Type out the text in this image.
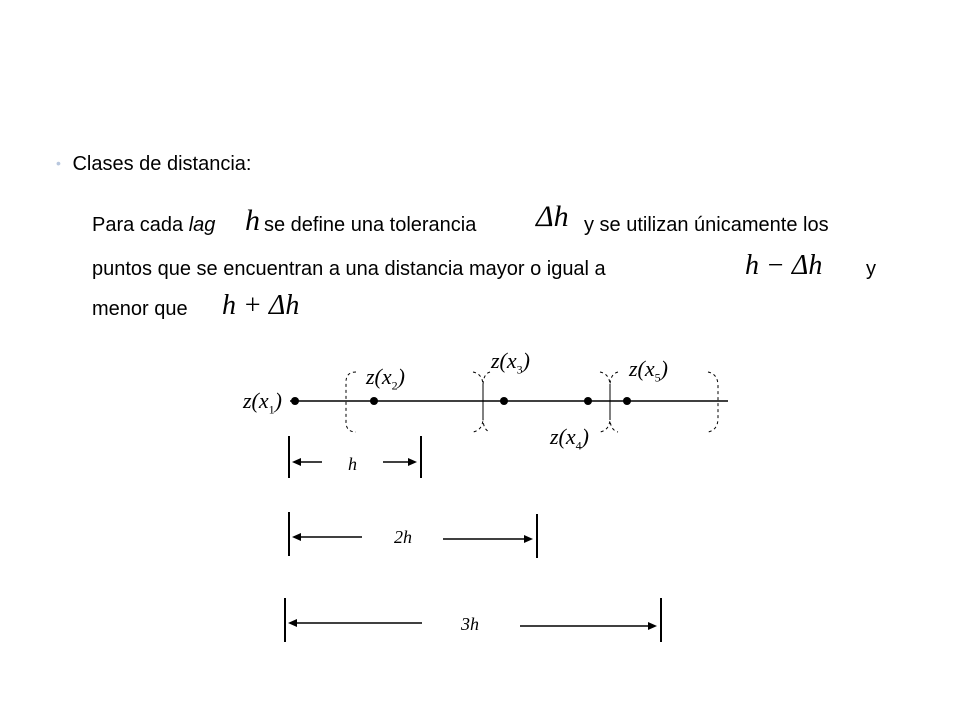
• Clases de distancia:
Para cada lag h se define una tolerancia Δh y se utilizan únicamente los
puntos que se encuentran a una distancia mayor o igual a	h − Δh y
menor que h + Δh
$z(x_1)$
$z(x_2)$
$z(x_3)$
$z(x_4)$
$z(x_5)$
h
2h
3h
